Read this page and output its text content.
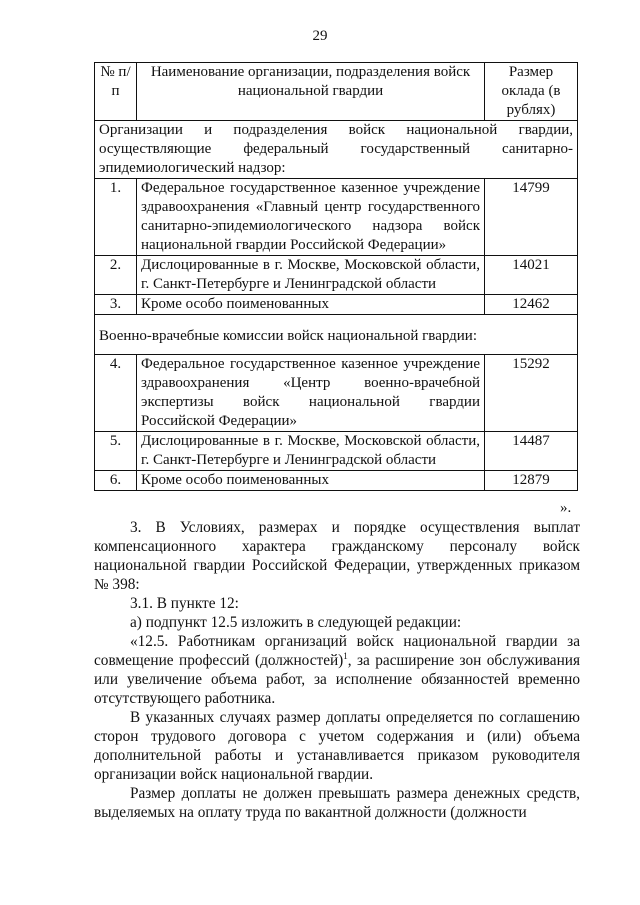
29
№ п/п	Наименование организации, подразделения войск национальной гвардии	Размер оклада (в рублях)
Организации и подразделения войск национальной гвардии, осуществляющие федеральный государственный санитарно-эпидемиологический надзор:		
1.	Федеральное государственное казенное учреждение здравоохранения «Главный центр государственного санитарно-эпидемиологического надзора войск национальной гвардии Российской Федерации»	14799
2.	Дислоцированные в г. Москве, Московской области, г. Санкт-Петербурге и Ленинградской области	14021
3.	Кроме особо поименованных	12462
Военно-врачебные комиссии войск национальной гвардии:		
4.	Федеральное государственное казенное учреждение здравоохранения «Центр военно-врачебной экспертизы войск национальной гвардии Российской Федерации»	15292
5.	Дислоцированные в г. Москве, Московской области, г. Санкт-Петербурге и Ленинградской области	14487
6.	Кроме особо поименованных	12879
».

3. В Условиях, размерах и порядке осуществления выплат компенсационного характера гражданскому персоналу войск национальной гвардии Российской Федерации, утвержденных приказом № 398:

3.1. В пункте 12:

а) подпункт 12.5 изложить в следующей редакции:

«12.5. Работникам организаций войск национальной гвардии за совмещение профессий (должностей)$^1$, за расширение зон обслуживания или увеличение объема работ, за исполнение обязанностей временно отсутствующего работника.

В указанных случаях размер доплаты определяется по соглашению сторон трудового договора с учетом содержания и (или) объема дополнительной работы и устанавливается приказом руководителя организации войск национальной гвардии.

Размер доплаты не должен превышать размера денежных средств, выделяемых на оплату труда по вакантной должности (должности
